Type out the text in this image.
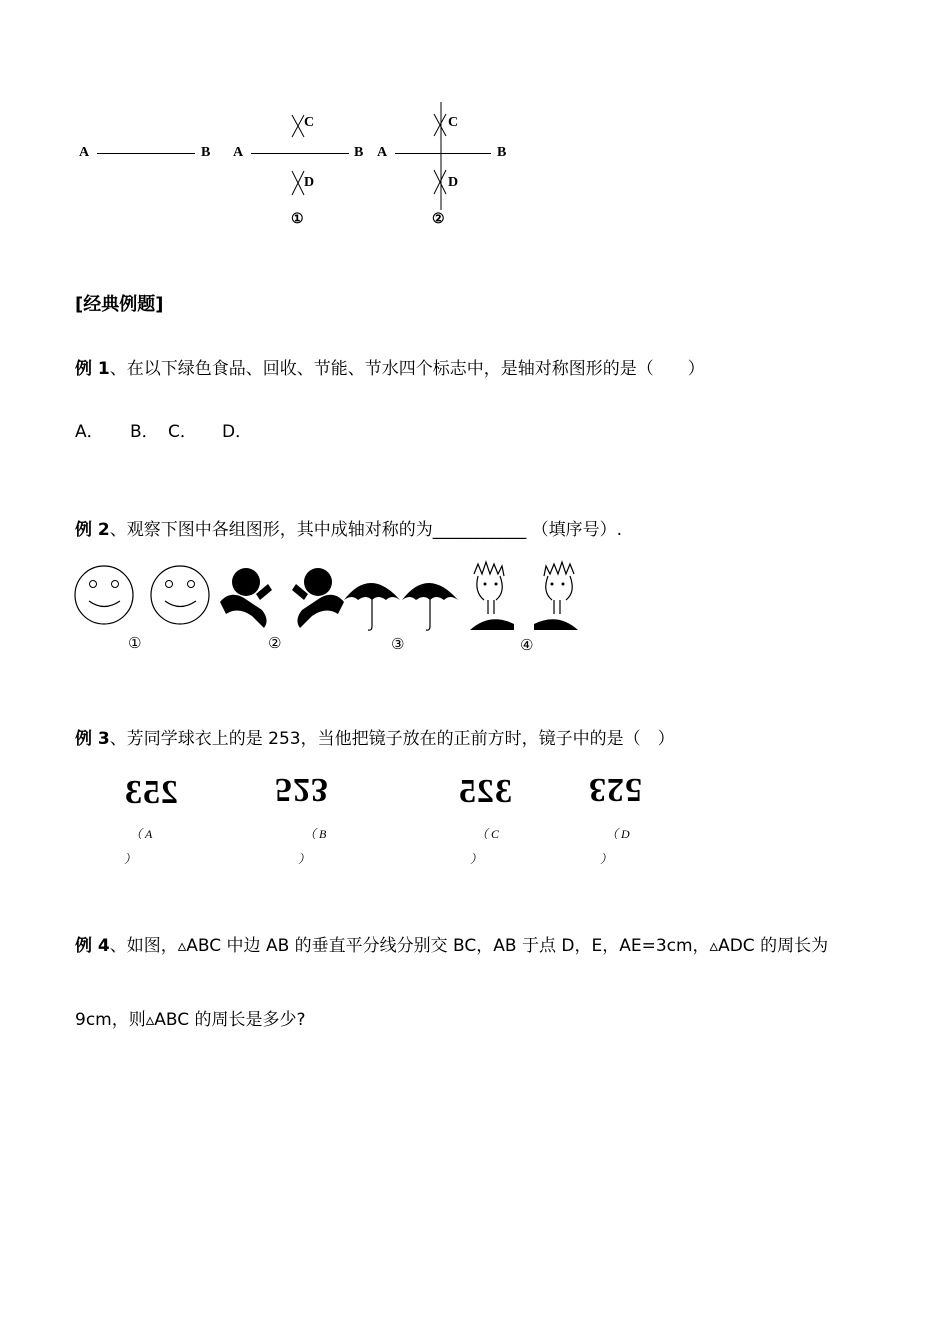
A	B A	B
C
D
①
A	B
C
D
②
[经典例题]
例 1、在以下绿色食品、回收、节能、节水四个标志中，是轴对称图形的是（　　）
A． B． C． D．
例 2、观察下图中各组图形，其中成轴对称的为___________ （填序号）.
①	②	③	④
例 3、芳同学球衣上的是 253，当他把镜子放在的正前方时，镜子中的是（　）
253	523	325 523
（ A
）
（ B
）
（ C
）
（ D
）
例 4、如图，▵ABC 中边 AB 的垂直平分线分别交 BC，AB 于点 D，E，AE=3cm，▵ADC 的周长为
9cm，则▵ABC 的周长是多少?
